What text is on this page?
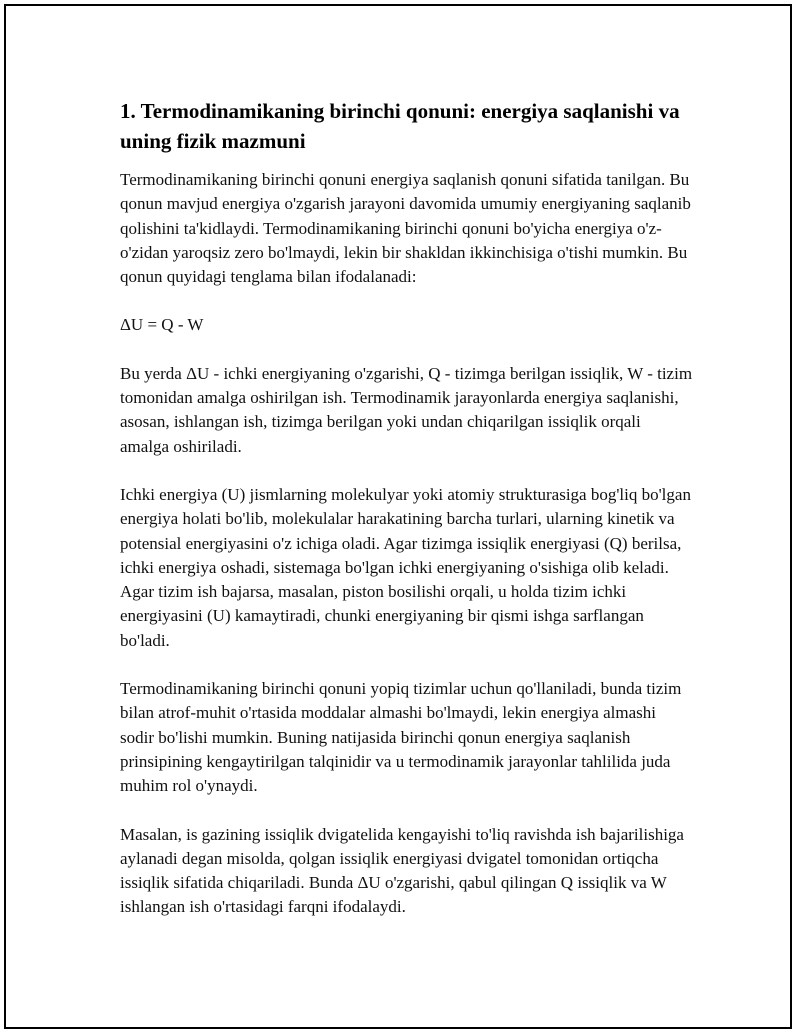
1. Termodinamikaning birinchi qonuni: energiya saqlanishi va uning fizik mazmuni

Termodinamikaning birinchi qonuni energiya saqlanish qonuni sifatida tanilgan. Bu qonun mavjud energiya o'zgarish jarayoni davomida umumiy energiyaning saqlanib qolishini ta'kidlaydi. Termodinamikaning birinchi qonuni bo'yicha energiya o'z-o'zidan yaroqsiz zero bo'lmaydi, lekin bir shakldan ikkinchisiga o'tishi mumkin. Bu qonun quyidagi tenglama bilan ifodalanadi:

ΔU = Q - W

Bu yerda ΔU - ichki energiyaning o'zgarishi, Q - tizimga berilgan issiqlik, W - tizim tomonidan amalga oshirilgan ish. Termodinamik jarayonlarda energiya saqlanishi, asosan, ishlangan ish, tizimga berilgan yoki undan chiqarilgan issiqlik orqali amalga oshiriladi.

Ichki energiya (U) jismlarning molekulyar yoki atomiy strukturasiga bog'liq bo'lgan energiya holati bo'lib, molekulalar harakatining barcha turlari, ularning kinetik va potensial energiyasini o'z ichiga oladi. Agar tizimga issiqlik energiyasi (Q) berilsa, ichki energiya oshadi, sistemaga bo'lgan ichki energiyaning o'sishiga olib keladi. Agar tizim ish bajarsa, masalan, piston bosilishi orqali, u holda tizim ichki energiyasini (U) kamaytiradi, chunki energiyaning bir qismi ishga sarflangan bo'ladi.

Termodinamikaning birinchi qonuni yopiq tizimlar uchun qo'llaniladi, bunda tizim bilan atrof-muhit o'rtasida moddalar almashi bo'lmaydi, lekin energiya almashi sodir bo'lishi mumkin. Buning natijasida birinchi qonun energiya saqlanish prinsipining kengaytirilgan talqinidir va u termodinamik jarayonlar tahlilida juda muhim rol o'ynaydi.

Masalan, is gazining issiqlik dvigatelida kengayishi to'liq ravishda ish bajarilishiga aylanadi degan misolda, qolgan issiqlik energiyasi dvigatel tomonidan ortiqcha issiqlik sifatida chiqariladi. Bunda ΔU o'zgarishi, qabul qilingan Q issiqlik va W ishlangan ish o'rtasidagi farqni ifodalaydi.
